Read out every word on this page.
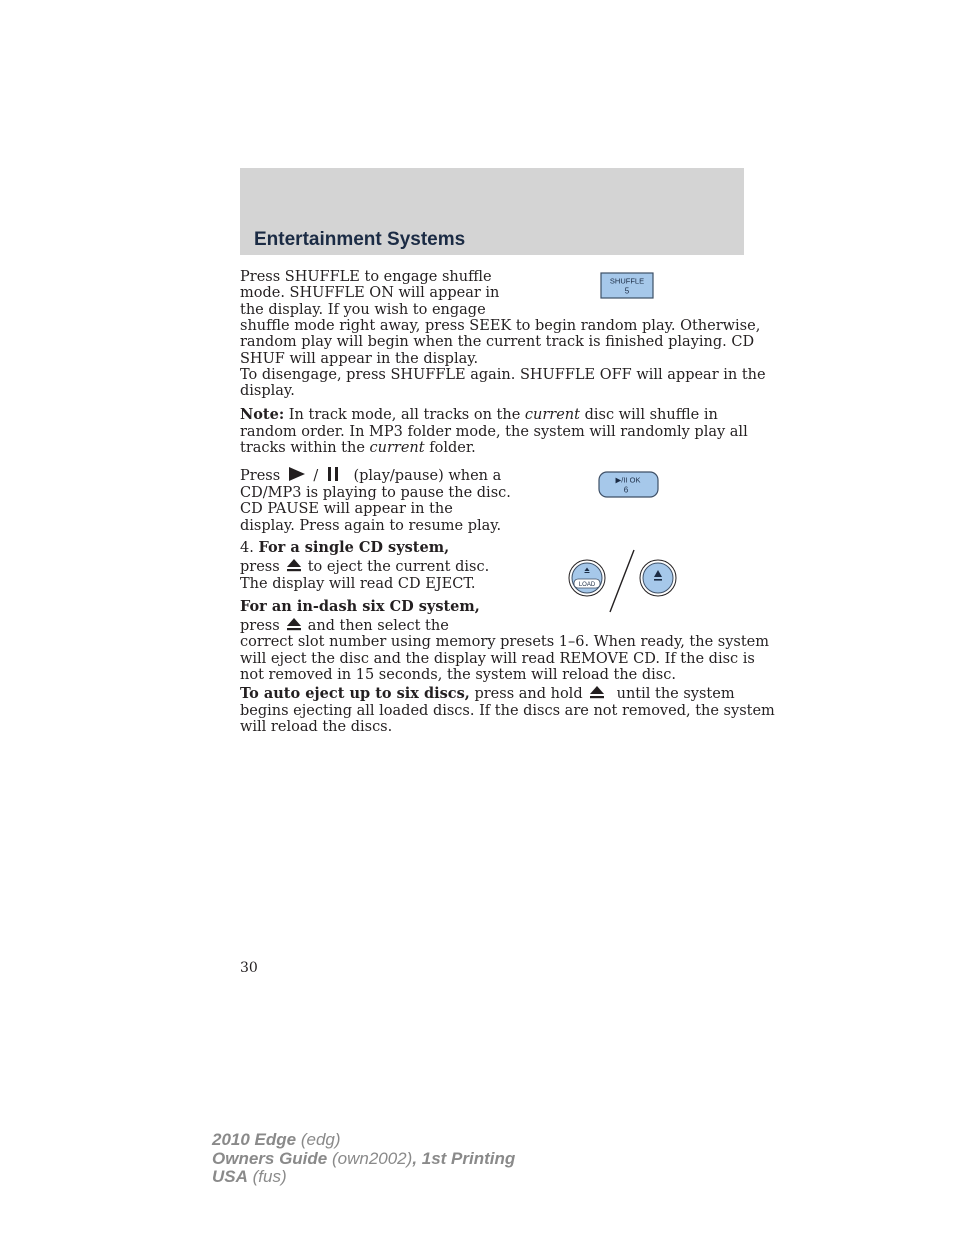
Entertainment Systems
Press SHUFFLE to engage shuffle
mode. SHUFFLE ON will appear in
the display. If you wish to engage
shuffle mode right away, press SEEK to begin random play. Otherwise,
random play will begin when the current track is finished playing. CD
SHUF will appear in the display.
To disengage, press SHUFFLE again. SHUFFLE OFF will appear in the
display.
SHUFFLE
5
Note: In track mode, all tracks on the current disc will shuffle in
random order. In MP3 folder mode, the system will randomly play all
tracks within the current folder.
Press / (play/pause) when a
CD/MP3 is playing to pause the disc.
CD PAUSE will appear in the
display. Press again to resume play.
▶/II OK
6
4. For a single CD system,
press to eject the current disc.
The display will read CD EJECT.	LOAD
For an in-dash six CD system,
press and then select the
correct slot number using memory presets 1–6. When ready, the system
will eject the disc and the display will read REMOVE CD. If the disc is
not removed in 15 seconds, the system will reload the disc.
To auto eject up to six discs, press and hold until the system
begins ejecting all loaded discs. If the discs are not removed, the system
will reload the discs.
30
2010 Edge (edg)
Owners Guide (own2002), 1st Printing
USA (fus)
